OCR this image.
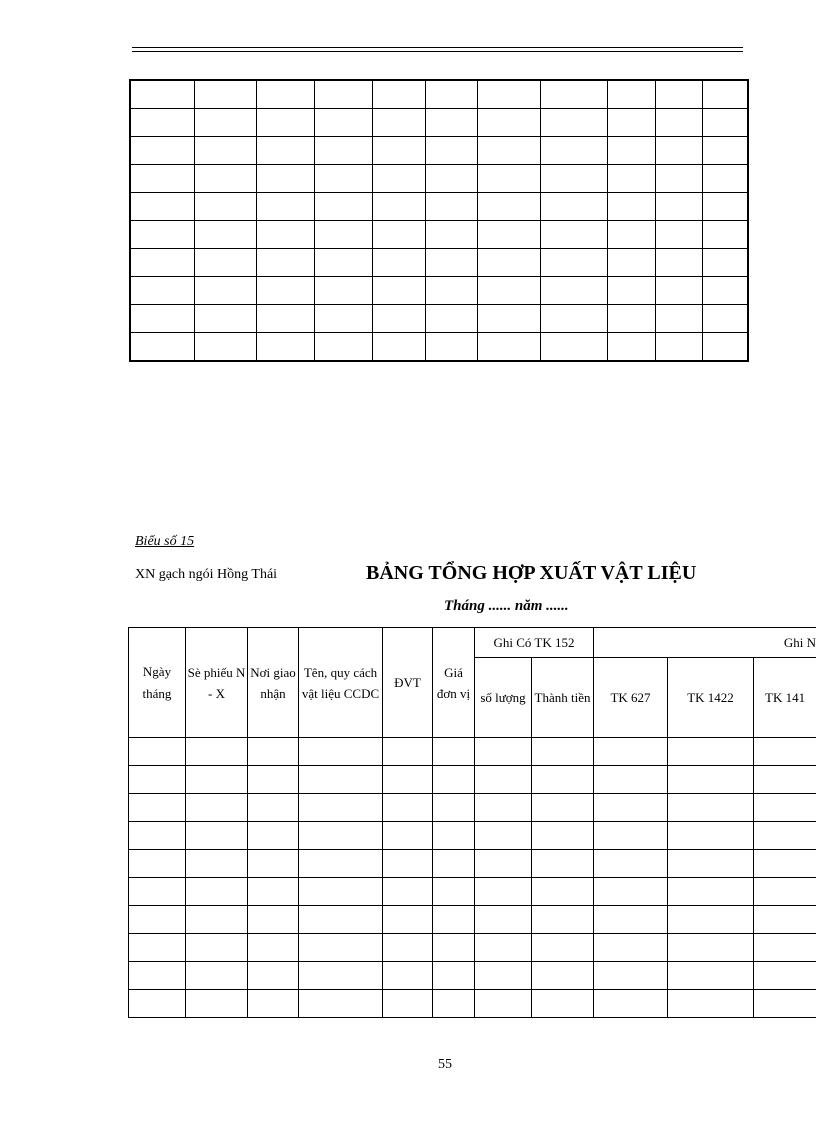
Biểu số 15
XN gạch ngói Hồng Thái	BẢNG TỔNG HỢP XUẤT VẬT LIỆU
Tháng ...... năm ......
Ngày tháng	Sè phiếu N - X	Nơi giao nhận	Tên, quy cách vật liệu CCDC	ĐVT	Giá đơn vị	Ghi Có TK 152		Ghi N		
						số lượng	Thành tiền	TK 627	TK 1422	TK 141

55
